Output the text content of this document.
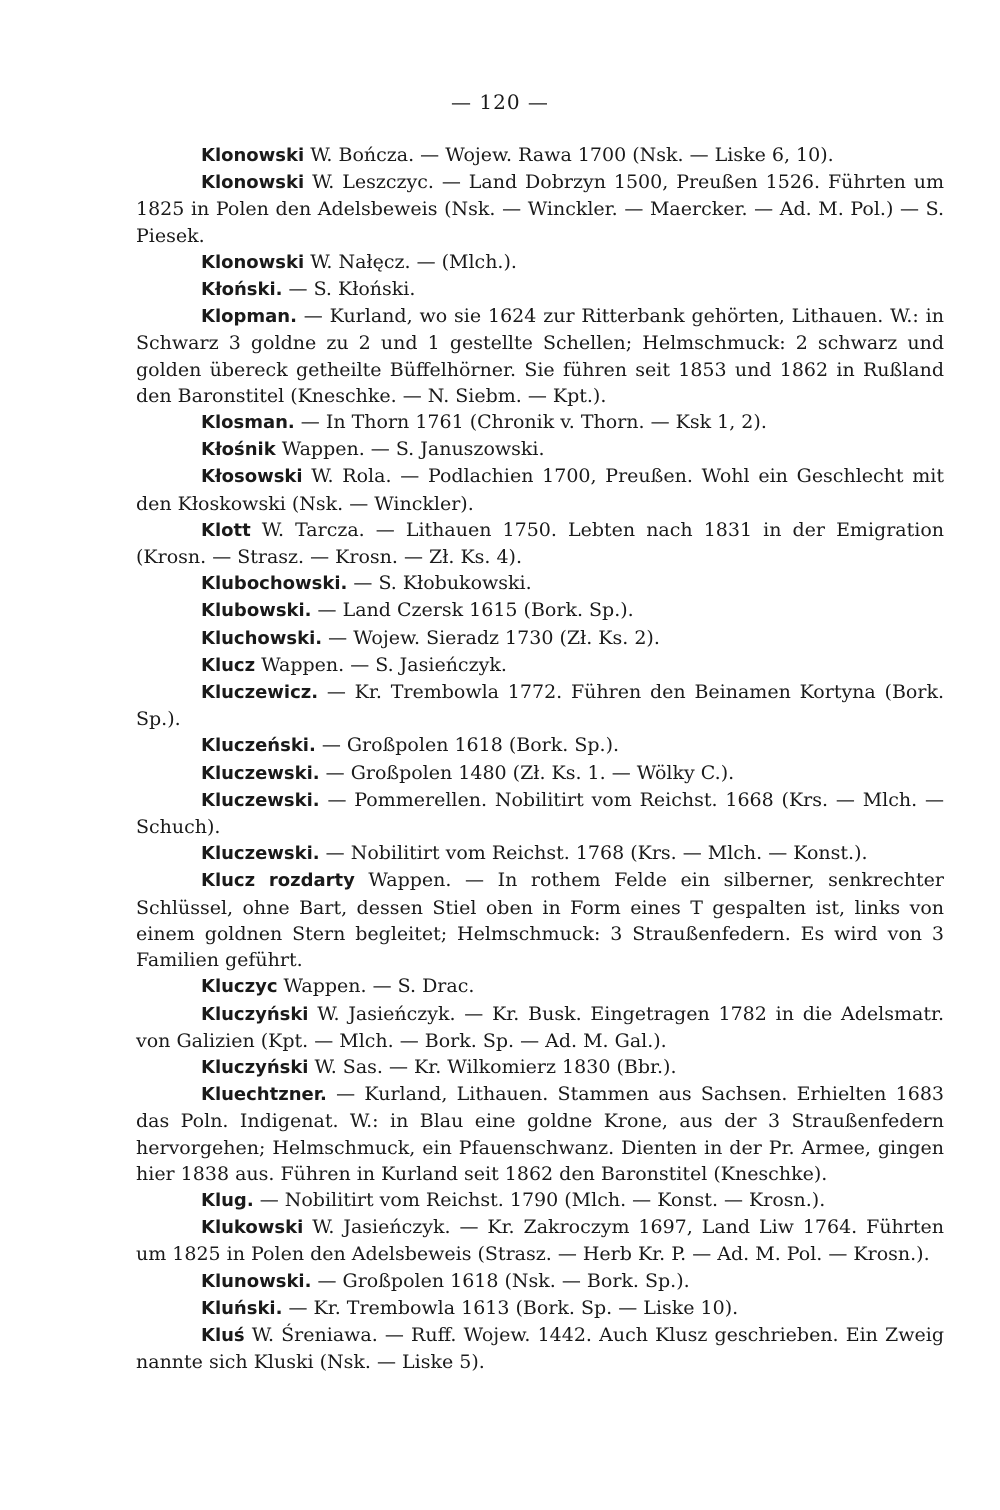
— 120 —

Klonowski W. Bończa. — Wojew. Rawa 1700 (Nsk. — Liske 6, 10).

Klonowski W. Leszczyc. — Land Dobrzyn 1500, Preußen 1526. Führten um 1825 in Polen den Adelsbeweis (Nsk. — Winckler. — Maercker. — Ad. M. Pol.) — S. Piesek.

Klonowski W. Nałęcz. — (Mlch.).

Kłoński. — S. Kłoński.

Klopman. — Kurland, wo sie 1624 zur Ritterbank gehörten, Lithauen. W.: in Schwarz 3 goldne zu 2 und 1 gestellte Schellen; Helmschmuck: 2 schwarz und golden übereck getheilte Büffelhörner. Sie führen seit 1853 und 1862 in Rußland den Baronstitel (Kneschke. — N. Siebm. — Kpt.).

Klosman. — In Thorn 1761 (Chronik v. Thorn. — Ksk 1, 2).

Kłośnik Wappen. — S. Januszowski.

Kłosowski W. Rola. — Podlachien 1700, Preußen. Wohl ein Geschlecht mit den Kłoskowski (Nsk. — Winckler).

Klott W. Tarcza. — Lithauen 1750. Lebten nach 1831 in der Emigration (Krosn. — Strasz. — Krosn. — Zł. Ks. 4).

Klubochowski. — S. Kłobukowski.

Klubowski. — Land Czersk 1615 (Bork. Sp.).

Kluchowski. — Wojew. Sieradz 1730 (Zł. Ks. 2).

Klucz Wappen. — S. Jasieńczyk.

Kluczewicz. — Kr. Trembowla 1772. Führen den Beinamen Kortyna (Bork. Sp.).

Kluczeński. — Großpolen 1618 (Bork. Sp.).

Kluczewski. — Großpolen 1480 (Zł. Ks. 1. — Wölky C.).

Kluczewski. — Pommerellen. Nobilitirt vom Reichst. 1668 (Krs. — Mlch. — Schuch).

Kluczewski. — Nobilitirt vom Reichst. 1768 (Krs. — Mlch. — Konst.).

Klucz rozdarty Wappen. — In rothem Felde ein silberner, senkrechter Schlüssel, ohne Bart, dessen Stiel oben in Form eines T gespalten ist, links von einem goldnen Stern begleitet; Helmschmuck: 3 Straußenfedern. Es wird von 3 Familien geführt.

Kluczyc Wappen. — S. Drac.

Kluczyński W. Jasieńczyk. — Kr. Busk. Eingetragen 1782 in die Adelsmatr. von Galizien (Kpt. — Mlch. — Bork. Sp. — Ad. M. Gal.).

Kluczyński W. Sas. — Kr. Wilkomierz 1830 (Bbr.).

Kluechtzner. — Kurland, Lithauen. Stammen aus Sachsen. Erhielten 1683 das Poln. Indigenat. W.: in Blau eine goldne Krone, aus der 3 Straußenfedern hervorgehen; Helmschmuck, ein Pfauenschwanz. Dienten in der Pr. Armee, gingen hier 1838 aus. Führen in Kurland seit 1862 den Baronstitel (Kneschke).

Klug. — Nobilitirt vom Reichst. 1790 (Mlch. — Konst. — Krosn.).

Klukowski W. Jasieńczyk. — Kr. Zakroczym 1697, Land Liw 1764. Führten um 1825 in Polen den Adelsbeweis (Strasz. — Herb Kr. P. — Ad. M. Pol. — Krosn.).

Klunowski. — Großpolen 1618 (Nsk. — Bork. Sp.).

Kluński. — Kr. Trembowla 1613 (Bork. Sp. — Liske 10).

Kluś W. Śreniawa. — Ruff. Wojew. 1442. Auch Klusz geschrieben. Ein Zweig nannte sich Kluski (Nsk. — Liske 5).
